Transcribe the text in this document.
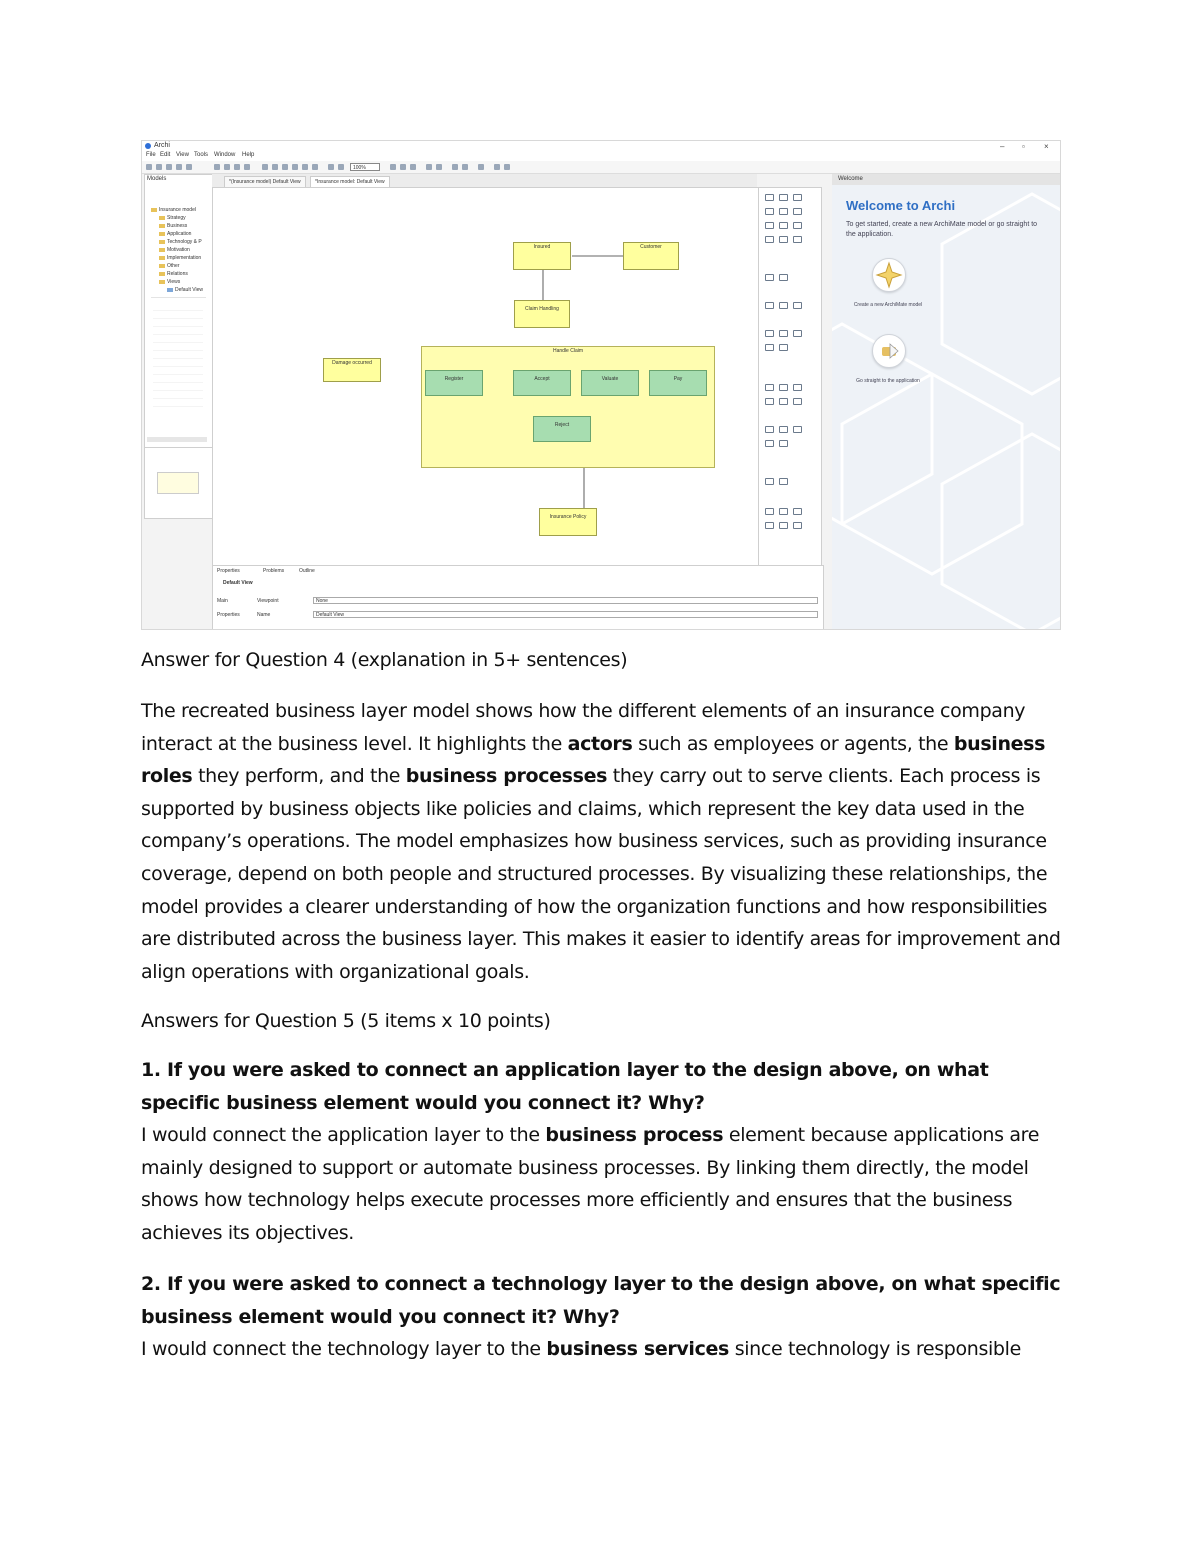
Archi	– ▫ ×
File Edit View Tools Window Help
100%
Models
Insurance model
Strategy
Business
Application
Technology & P
Motivation
Implementation
Other
Relations
Views
Default View
*(Insurance model) Default View	*Insurance model: Default View
Insured	Customer
Claim Handling
Damage occurred
Handle Claim
Register	Accept	Valuate	Pay
Reject
Insurance Policy
Properties	Problems	Outline
Default View
Main	Viewpoint	None
Properties	Name	Default View
Welcome
Welcome to Archi
To get started, create a new ArchiMate model or go straight to the application.
Create a new ArchiMate model
Go straight to the application
Answer for Question 4 (explanation in 5+ sentences)

The recreated business layer model shows how the different elements of an insurance company interact at the business level. It highlights the actors such as employees or agents, the business roles they perform, and the business processes they carry out to serve clients. Each process is supported by business objects like policies and claims, which represent the key data used in the company’s operations. The model emphasizes how business services, such as providing insurance coverage, depend on both people and structured processes. By visualizing these relationships, the model provides a clearer understanding of how the organization functions and how responsibilities are distributed across the business layer. This makes it easier to identify areas for improvement and align operations with organizational goals.

Answers for Question 5 (5 items x 10 points)

1. If you were asked to connect an application layer to the design above, on what specific business element would you connect it? Why?

I would connect the application layer to the business process element because applications are mainly designed to support or automate business processes. By linking them directly, the model shows how technology helps execute processes more efficiently and ensures that the business achieves its objectives.

2. If you were asked to connect a technology layer to the design above, on what specific business element would you connect it? Why?

I would connect the technology layer to the business services since technology is responsible
